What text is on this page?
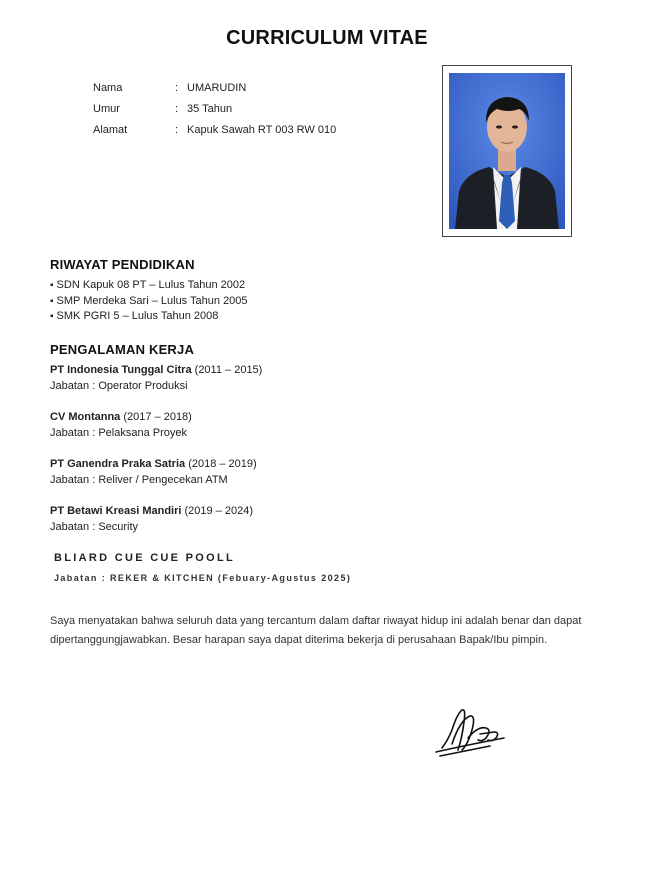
CURRICULUM VITAE
Nama	: UMARUDIN
Umur	: 35 Tahun
Alamat	: Kapuk Sawah RT 003 RW 010
RIWAYAT PENDIDIKAN
▪ SDN Kapuk 08 PT – Lulus Tahun 2002
▪ SMP Merdeka Sari – Lulus Tahun 2005
▪ SMK PGRI 5 – Lulus Tahun 2008
PENGALAMAN KERJA
PT Indonesia Tunggal Citra (2011 – 2015)
Jabatan : Operator Produksi
CV Montanna (2017 – 2018)
Jabatan : Pelaksana Proyek
PT Ganendra Praka Satria (2018 – 2019)
Jabatan : Reliver / Pengecekan ATM
PT Betawi Kreasi Mandiri (2019 – 2024)
Jabatan : Security
BLIARD CUE CUE POOLL
Jabatan : REKER & KITCHEN (Febuary-Agustus 2025)
Saya menyatakan bahwa seluruh data yang tercantum dalam daftar riwayat hidup ini adalah benar dan dapat dipertanggungjawabkan. Besar harapan saya dapat diterima bekerja di perusahaan Bapak/Ibu pimpin.
